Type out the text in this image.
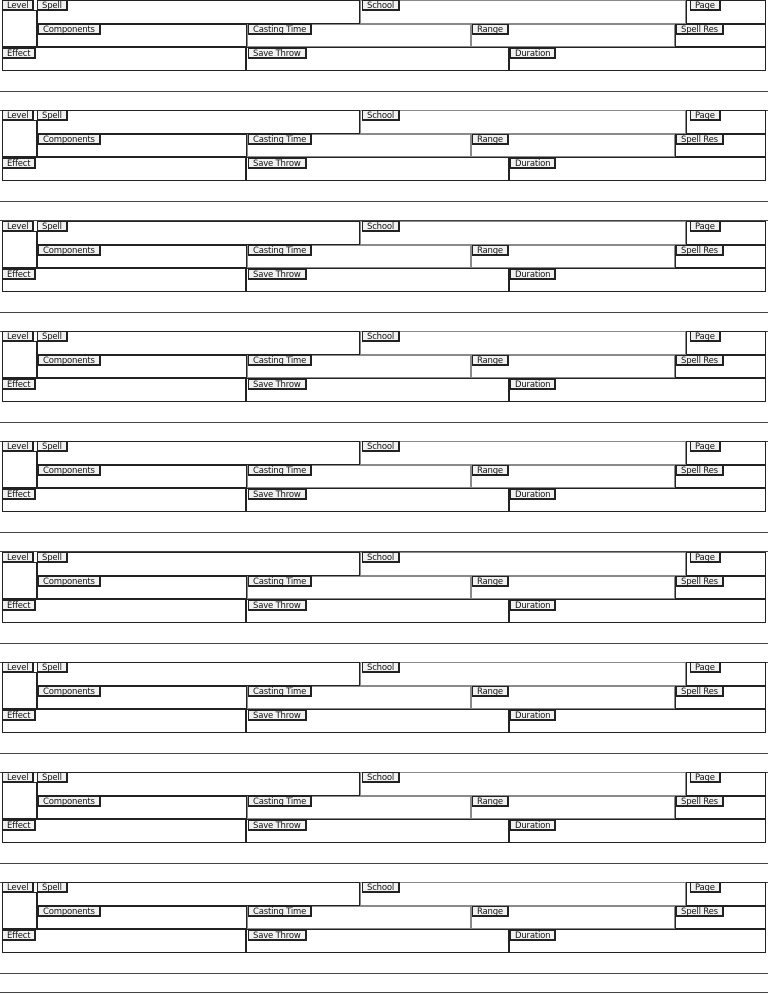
Level	Spell	School	Page
Components	Casting Time	Range	Spell Res
Effect	Save Throw	Duration
Level	Spell	School	Page
Components	Casting Time	Range	Spell Res
Effect	Save Throw	Duration
Level	Spell	School	Page
Components	Casting Time	Range	Spell Res
Effect	Save Throw	Duration
Level	Spell	School	Page
Components	Casting Time	Range	Spell Res
Effect	Save Throw	Duration
Level	Spell	School	Page
Components	Casting Time	Range	Spell Res
Effect	Save Throw	Duration
Level	Spell	School	Page
Components	Casting Time	Range	Spell Res
Effect	Save Throw	Duration
Level	Spell	School	Page
Components	Casting Time	Range	Spell Res
Effect	Save Throw	Duration
Level	Spell	School	Page
Components	Casting Time	Range	Spell Res
Effect	Save Throw	Duration
Level	Spell	School	Page
Components	Casting Time	Range	Spell Res
Effect	Save Throw	Duration
